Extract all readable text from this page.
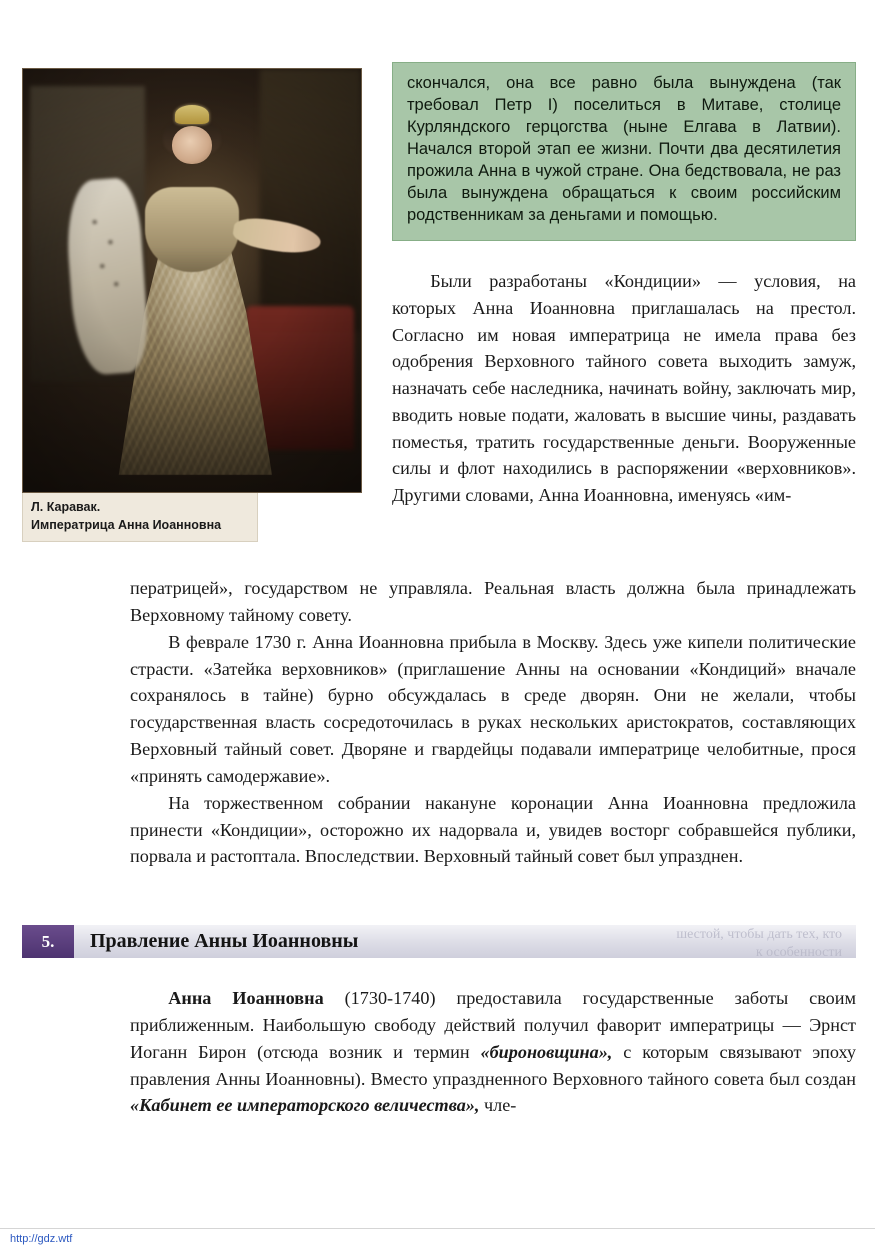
Л. Каравак.
Императрица Анна Иоанновна
скончался, она все равно была вынуждена (так требовал Петр I) поселиться в Митаве, столице Курляндского герцогства (ныне Елгава в Латвии). Начался второй этап ее жизни. Почти два десятилетия прожила Анна в чужой стране. Она бедствовала, не раз была вынуждена обращаться к своим российским родственникам за деньгами и помощью.

Были разработаны «Кондиции» — условия, на которых Анна Иоанновна приглашалась на престол. Согласно им новая императрица не имела права без одобрения Верховного тайного совета выходить замуж, назначать себе наследника, начинать войну, заключать мир, вводить новые подати, жаловать в высшие чины, раздавать поместья, тратить государственные деньги. Вооруженные силы и флот находились в распоряжении «верховников». Другими словами, Анна Иоанновна, именуясь «им-

ператрицей», государством не управляла. Реальная власть должна была принадлежать Верховному тайному совету.

В феврале 1730 г. Анна Иоанновна прибыла в Москву. Здесь уже кипели политические страсти. «Затейка верховников» (приглашение Анны на основании «Кондиций» вначале сохранялось в тайне) бурно обсуждалась в среде дворян. Они не желали, чтобы государственная власть сосредоточилась в руках нескольких аристократов, составляющих Верховный тайный совет. Дворяне и гвардейцы подавали императрице челобитные, прося «принять самодержавие».

На торжественном собрании накануне коронации Анна Иоанновна предложила принести «Кондиции», осторожно их надорвала и, увидев восторг собравшейся публики, порвала и растоптала. Впоследствии. Верховный тайный совет был упразднен.

5.	Правление Анны Иоанновны	шестой, чтобы дать тех, кто
к особенности

Анна Иоанновна (1730-1740) предоставила государственные заботы своим приближенным. Наибольшую свободу действий получил фаворит императрицы — Эрнст Иоганн Бирон (отсюда возник и термин «бироновщина», с которым связывают эпоху правления Анны Иоанновны). Вместо упраздненного Верховного тайного совета был создан «Кабинет ее императорского величества», чле-

http://gdz.wtf
